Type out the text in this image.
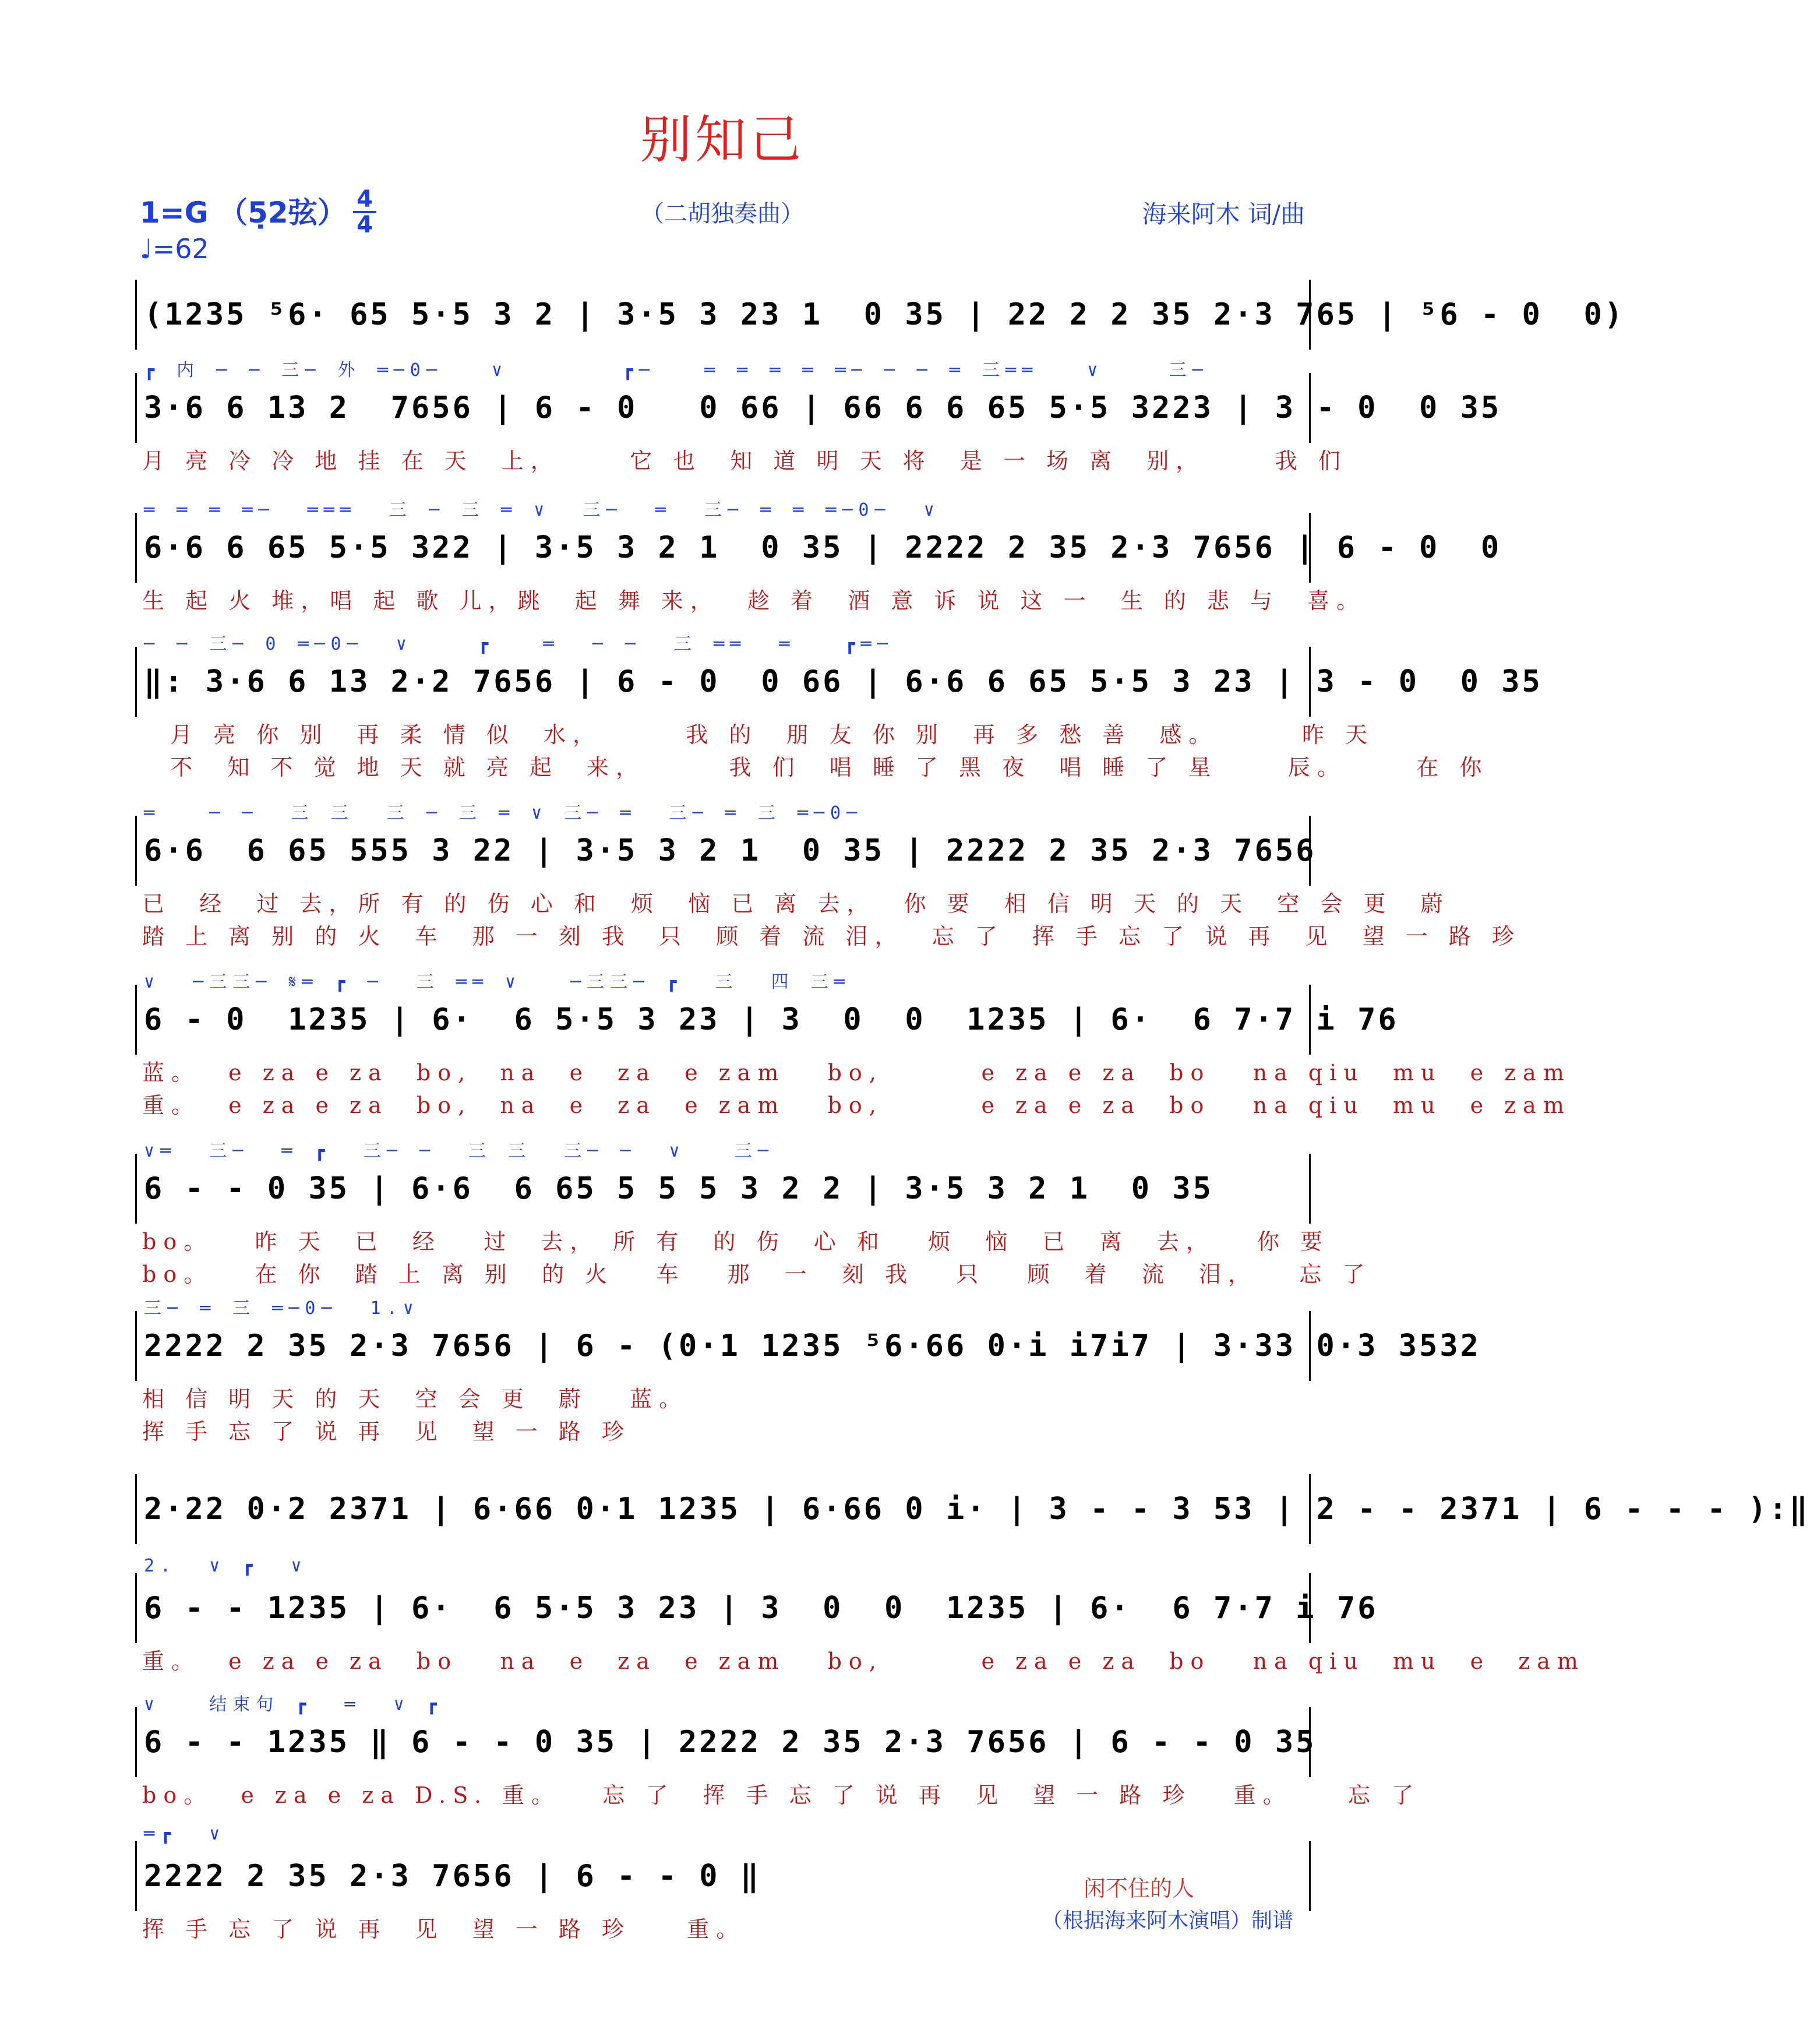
别知己
1=G （5̣2弦） $\frac{4}{4}$
♩=62
（二胡独奏曲）	海来阿木 词/曲
(1235 ⁵6· 65 5·5 3 2 | 3·5 3 23 1  0 35 | 22 2 2 35 2·3 765 | ⁵6 - 0  0)
┏ 内 ─ ─ 三─ 外 ═─0─   ∨       ┏─   ═ ═ ═ ═ ═─ ─ ─ ═ 三══   ∨    三─
3·6 6 13 2  7656 | 6 - 0   0 66 | 66 6 6 65 5·5 3223 | 3 - 0  0 35
月 亮 冷 冷 地 挂 在 天  上，     它 也  知 道 明 天 将  是 一 场 离  别，     我 们
═ ═ ═ ═─  ═══  三 ─ 三 ═ ∨  三─  ═  三─ ═ ═ ═─0─  ∨
6·6 6 65 5·5 322 | 3·5 3 2 1  0 35 | 2222 2 35 2·3 7656 | 6 - 0  0
生 起 火 堆，唱 起 歌 儿，跳  起 舞 来，  趁 着  酒 意 诉 说 这 一  生 的 悲 与  喜。
─ ─ 三─ 0 ═─0─  ∨    ┏   ═  ─ ─  三 ══  ═   ┏═─
‖: 3·6 6 13 2·2 7656 | 6 - 0  0 66 | 6·6 6 65 5·5 3 23 | 3 - 0  0 35
月 亮 你 别  再 柔 情 似  水，      我 的  朋 友 你 别  再 多 愁 善  感。      昨 天
不  知 不 觉 地 天 就 亮 起  来，      我 们  唱 睡 了 黑 夜  唱 睡 了 星     辰。     在 你
═   ─ ─  三 三  三 ─ 三 ═ ∨ 三─ ═  三─ ═ 三 ═─0─
6·6  6 65 555 3 22 | 3·5 3 2 1  0 35 | 2222 2 35 2·3 7656
已  经  过 去，所 有 的 伤 心 和  烦  恼 已 离 去，  你 要  相 信 明 天 的 天  空 会 更  蔚
踏 上 离 别 的 火  车  那 一 刻 我  只  顾 着 流 泪，  忘 了  挥 手 忘 了 说 再  见  望 一 路 珍
∨  ─三三─ 𝄋═ ┏ ─  三 ══ ∨   ─三三─ ┏  三  四 三═
6 - 0  1235 | 6·  6 5·5 3 23 | 3  0  0  1235 | 6·  6 7·7 i 76
蓝。  e za e za  bo,  na  e  za  e zam   bo,       e za e za  bo   na qiu  mu  e zam
重。  e za e za  bo,  na  e  za  e zam   bo,       e za e za  bo   na qiu  mu  e zam
∨═  三─  ═ ┏  三─ ─  三 三  三─ ─  ∨   三─
6 - - 0 35 | 6·6  6 65 5 5 5 3 2 2 | 3·5 3 2 1  0 35
bo。   昨 天  已  经   过  去， 所 有  的 伤  心 和   烦  恼  已  离  去，   你 要
bo。   在 你  踏 上 离 别  的 火   车   那  一  刻 我   只   顾  着  流  泪，   忘 了
三─ ═ 三 ═─0─  1.∨
2222 2 35 2·3 7656 | 6 - (0·1 1235 ⁵6·66 0·i i7i7 | 3·33 0·3 3532
相 信 明 天 的 天  空 会 更  蔚   蓝。
挥 手 忘 了 说 再  见  望 一 路 珍
2·22 0·2 2371 | 6·66 0·1 1235 | 6·66 0 i· | 3 - - 3 53 | 2 - - 2371 | 6 - - - ):‖
2.  ∨ ┏  ∨
6 - - 1235 | 6·  6 5·5 3 23 | 3  0  0  1235 | 6·  6 7·7 i 76
重。  e za e za  bo   na  e  za  e zam   bo,       e za e za  bo   na qiu  mu  e  zam
∨   结束句 ┏  ═  ∨ ┏
6 - - 1235 ‖ 6 - - 0 35 | 2222 2 35 2·3 7656 | 6 - - 0 35
bo。  e za e za D.S. 重。   忘 了  挥 手 忘 了 说 再  见  望 一 路 珍   重。    忘 了
═┏  ∨
2222 2 35 2·3 7656 | 6 - - 0 ‖
挥 手 忘 了 说 再  见  望 一 路 珍    重。
闲不住的人
（根据海来阿木演唱）制谱
